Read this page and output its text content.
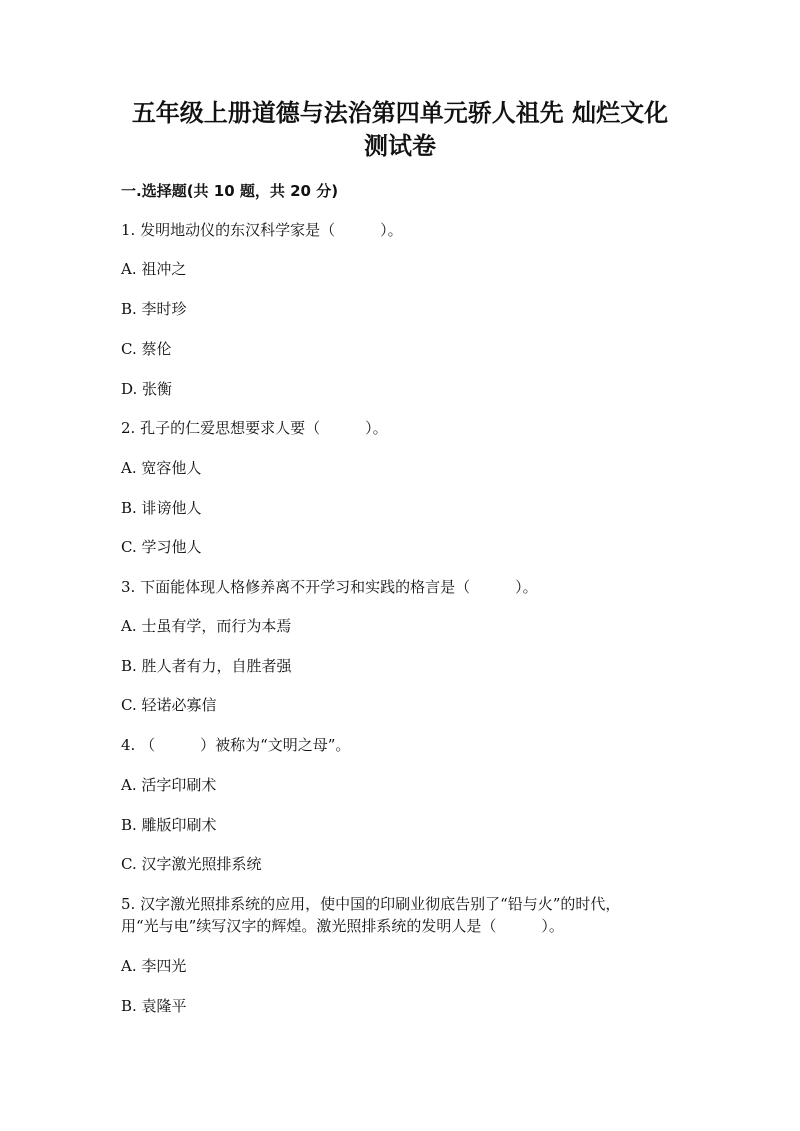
五年级上册道德与法治第四单元骄人祖先 灿烂文化
测试卷
一.选择题(共 10 题，共 20 分)
1. 发明地动仪的东汉科学家是（　　　）。
A. 祖冲之
B. 李时珍
C. 蔡伦
D. 张衡
2. 孔子的仁爱思想要求人要（　　　）。
A. 宽容他人
B. 诽谤他人
C. 学习他人
3. 下面能体现人格修养离不开学习和实践的格言是（　　　）。
A. 士虽有学，而行为本焉
B. 胜人者有力，自胜者强
C. 轻诺必寡信
4. （　　　）被称为“文明之母”。
A. 活字印刷术
B. 雕版印刷术
C. 汉字激光照排系统
5. 汉字激光照排系统的应用，使中国的印刷业彻底告别了“铅与火”的时代，
用“光与电”续写汉字的辉煌。激光照排系统的发明人是（　　　）。
A. 李四光
B. 袁隆平
